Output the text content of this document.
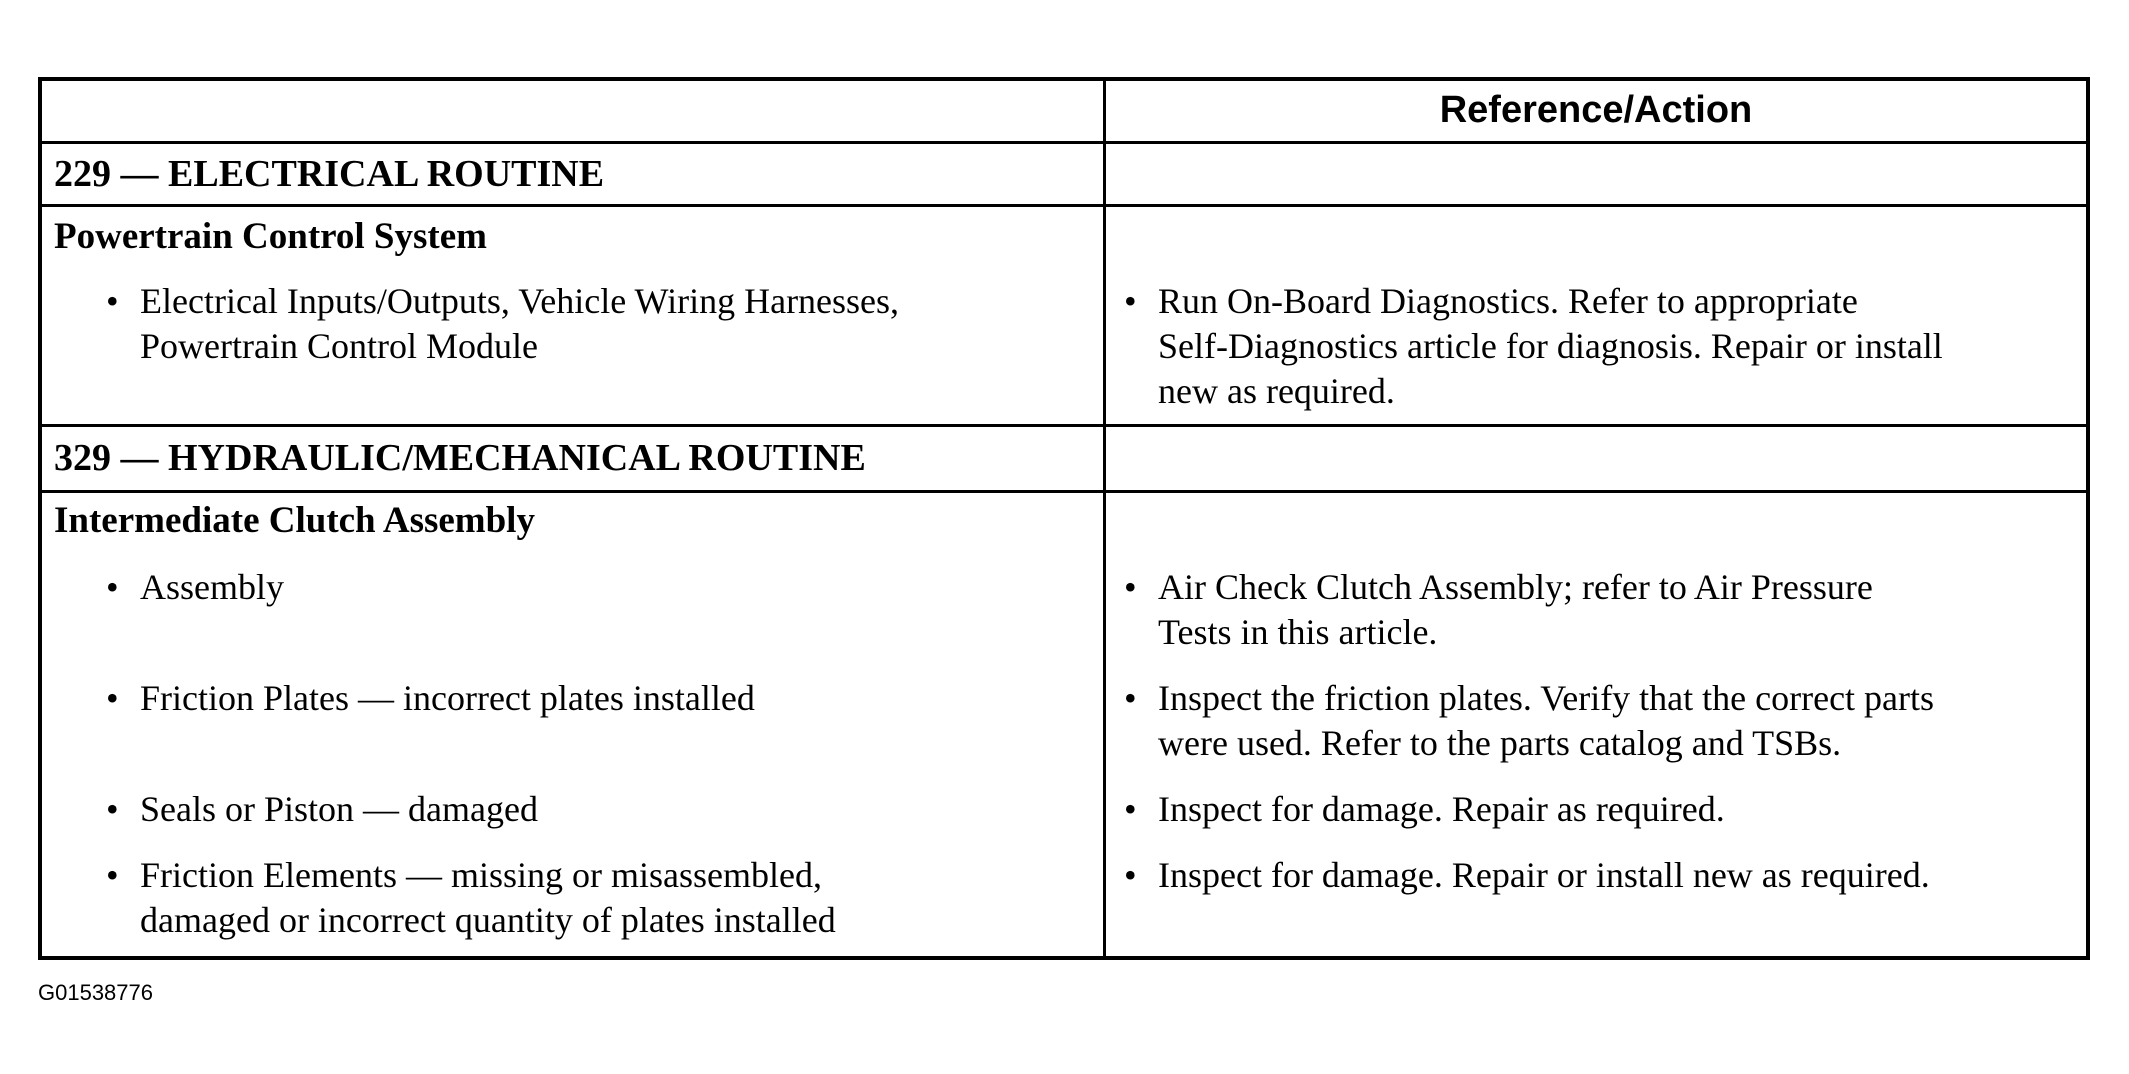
Reference/Action
229 — ELECTRICAL ROUTINE
Powertrain Control System
• Electrical Inputs/Outputs, Vehicle Wiring Harnesses,
Powertrain Control Module
• Run On-Board Diagnostics. Refer to appropriate
Self-Diagnostics article for diagnosis. Repair or install
new as required.
329 — HYDRAULIC/MECHANICAL ROUTINE
Intermediate Clutch Assembly
• Assembly
• Friction Plates — incorrect plates installed
• Seals or Piston — damaged
• Friction Elements — missing or misassembled,
damaged or incorrect quantity of plates installed
• Air Check Clutch Assembly; refer to Air Pressure
Tests in this article.
• Inspect the friction plates. Verify that the correct parts
were used. Refer to the parts catalog and TSBs.
• Inspect for damage. Repair as required.
• Inspect for damage. Repair or install new as required.
G01538776
